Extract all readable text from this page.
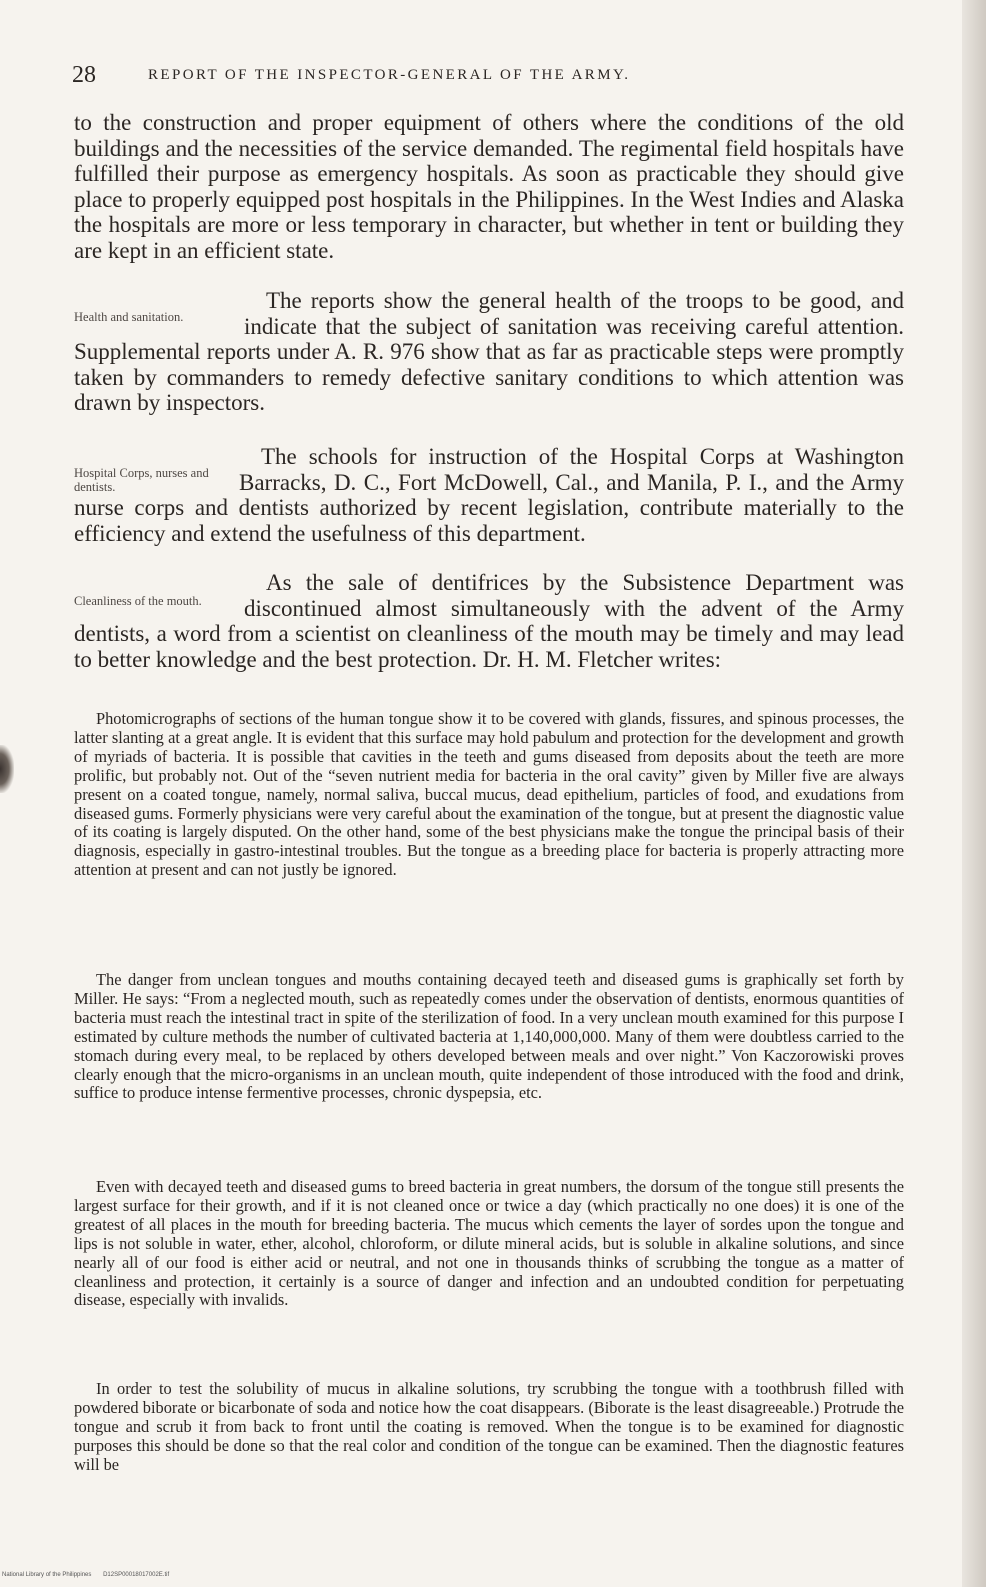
28	REPORT OF THE INSPECTOR-GENERAL OF THE ARMY.

to the construction and proper equipment of others where the conditions of the old buildings and the necessities of the service demanded. The regimental field hospitals have fulfilled their purpose as emergency hospitals. As soon as practicable they should give place to properly equipped post hospitals in the Philippines. In the West Indies and Alaska the hospitals are more or less temporary in character, but whether in tent or building they are kept in an efficient state.

Health and sanitation.
The reports show the general health of the troops to be good, and indicate that the subject of sanitation was receiving careful attention. Supplemental reports under A. R. 976 show that as far as practicable steps were promptly taken by commanders to remedy defective sanitary conditions to which attention was drawn by inspectors.

Hospital Corps, nurses and dentists.
The schools for instruction of the Hospital Corps at Washington Barracks, D. C., Fort McDowell, Cal., and Manila, P. I., and the Army nurse corps and dentists authorized by recent legislation, contribute materially to the efficiency and extend the usefulness of this department.

Cleanliness of the mouth.
As the sale of dentifrices by the Subsistence Department was discontinued almost simultaneously with the advent of the Army dentists, a word from a scientist on cleanliness of the mouth may be timely and may lead to better knowledge and the best protection. Dr. H. M. Fletcher writes:

Photomicrographs of sections of the human tongue show it to be covered with glands, fissures, and spinous processes, the latter slanting at a great angle. It is evident that this surface may hold pabulum and protection for the development and growth of myriads of bacteria. It is possible that cavities in the teeth and gums diseased from deposits about the teeth are more prolific, but probably not. Out of the “seven nutrient media for bacteria in the oral cavity” given by Miller five are always present on a coated tongue, namely, normal saliva, buccal mucus, dead epithelium, particles of food, and exudations from diseased gums. Formerly physicians were very careful about the examination of the tongue, but at present the diagnostic value of its coating is largely disputed. On the other hand, some of the best physicians make the tongue the principal basis of their diagnosis, especially in gastro-intestinal troubles. But the tongue as a breeding place for bacteria is properly attracting more attention at present and can not justly be ignored.

The danger from unclean tongues and mouths containing decayed teeth and diseased gums is graphically set forth by Miller. He says: “From a neglected mouth, such as repeatedly comes under the observation of dentists, enormous quantities of bacteria must reach the intestinal tract in spite of the sterilization of food. In a very unclean mouth examined for this purpose I estimated by culture methods the number of cultivated bacteria at 1,140,000,000. Many of them were doubtless carried to the stomach during every meal, to be replaced by others developed between meals and over night.” Von Kaczorowiski proves clearly enough that the micro-organisms in an unclean mouth, quite independent of those introduced with the food and drink, suffice to produce intense fermentive processes, chronic dyspepsia, etc.

Even with decayed teeth and diseased gums to breed bacteria in great numbers, the dorsum of the tongue still presents the largest surface for their growth, and if it is not cleaned once or twice a day (which practically no one does) it is one of the greatest of all places in the mouth for breeding bacteria. The mucus which cements the layer of sordes upon the tongue and lips is not soluble in water, ether, alcohol, chloroform, or dilute mineral acids, but is soluble in alkaline solutions, and since nearly all of our food is either acid or neutral, and not one in thousands thinks of scrubbing the tongue as a matter of cleanliness and protection, it certainly is a source of danger and infection and an undoubted condition for perpetuating disease, especially with invalids.

In order to test the solubility of mucus in alkaline solutions, try scrubbing the tongue with a toothbrush filled with powdered biborate or bicarbonate of soda and notice how the coat disappears. (Biborate is the least disagreeable.) Protrude the tongue and scrub it from back to front until the coating is removed. When the tongue is to be examined for diagnostic purposes this should be done so that the real color and condition of the tongue can be examined. Then the diagnostic features will be

National Library of the Philippines D12SP00018017002E.tif
